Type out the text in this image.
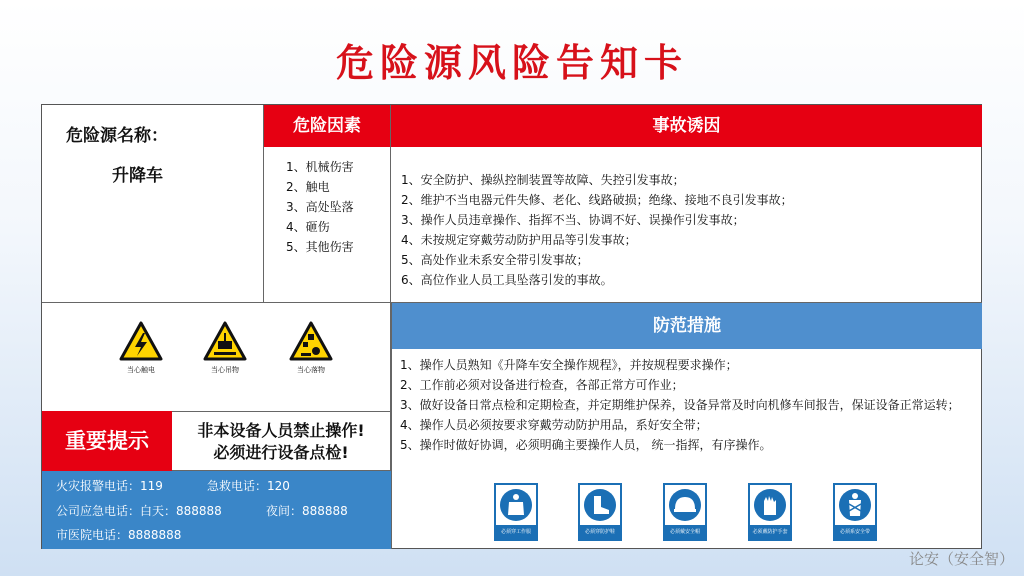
危险源风险告知卡
危险源名称：
升降车
危险因素
1、机械伤害
2、触电
3、高处坠落
4、砸伤
5、其他伤害
事故诱因
1、安全防护、操纵控制装置等故障、失控引发事故；
2、维护不当电器元件失修、老化、线路破损；绝缘、接地不良引发事故；
3、操作人员违章操作、指挥不当、协调不好、误操作引发事故；
4、未按规定穿戴劳动防护用品等引发事故；
5、高处作业未系安全带引发事故；
6、高位作业人员工具坠落引发的事故。
当心触电	当心吊物	当心落物
重要提示	非本设备人员禁止操作!
必须进行设备点检!
火灾报警电话：119	急救电话：120
公司应急电话：白天：888888	夜间：888888
市医院电话：8888888
防范措施
1、操作人员熟知《升降车安全操作规程》，并按规程要求操作；
2、工作前必须对设备进行检查，各部正常方可作业；
3、做好设备日常点检和定期检查，并定期维护保养，设备异常及时向机修车间报告，保证设备正常运转；
4、操作人员必须按要求穿戴劳动防护用品，系好安全带；
5、操作时做好协调，必须明确主要操作人员， 统一指挥，有序操作。
必须穿工作服	必须穿防护鞋	必须戴安全帽	必须戴防护手套	必须系安全带
论安（安全智）
